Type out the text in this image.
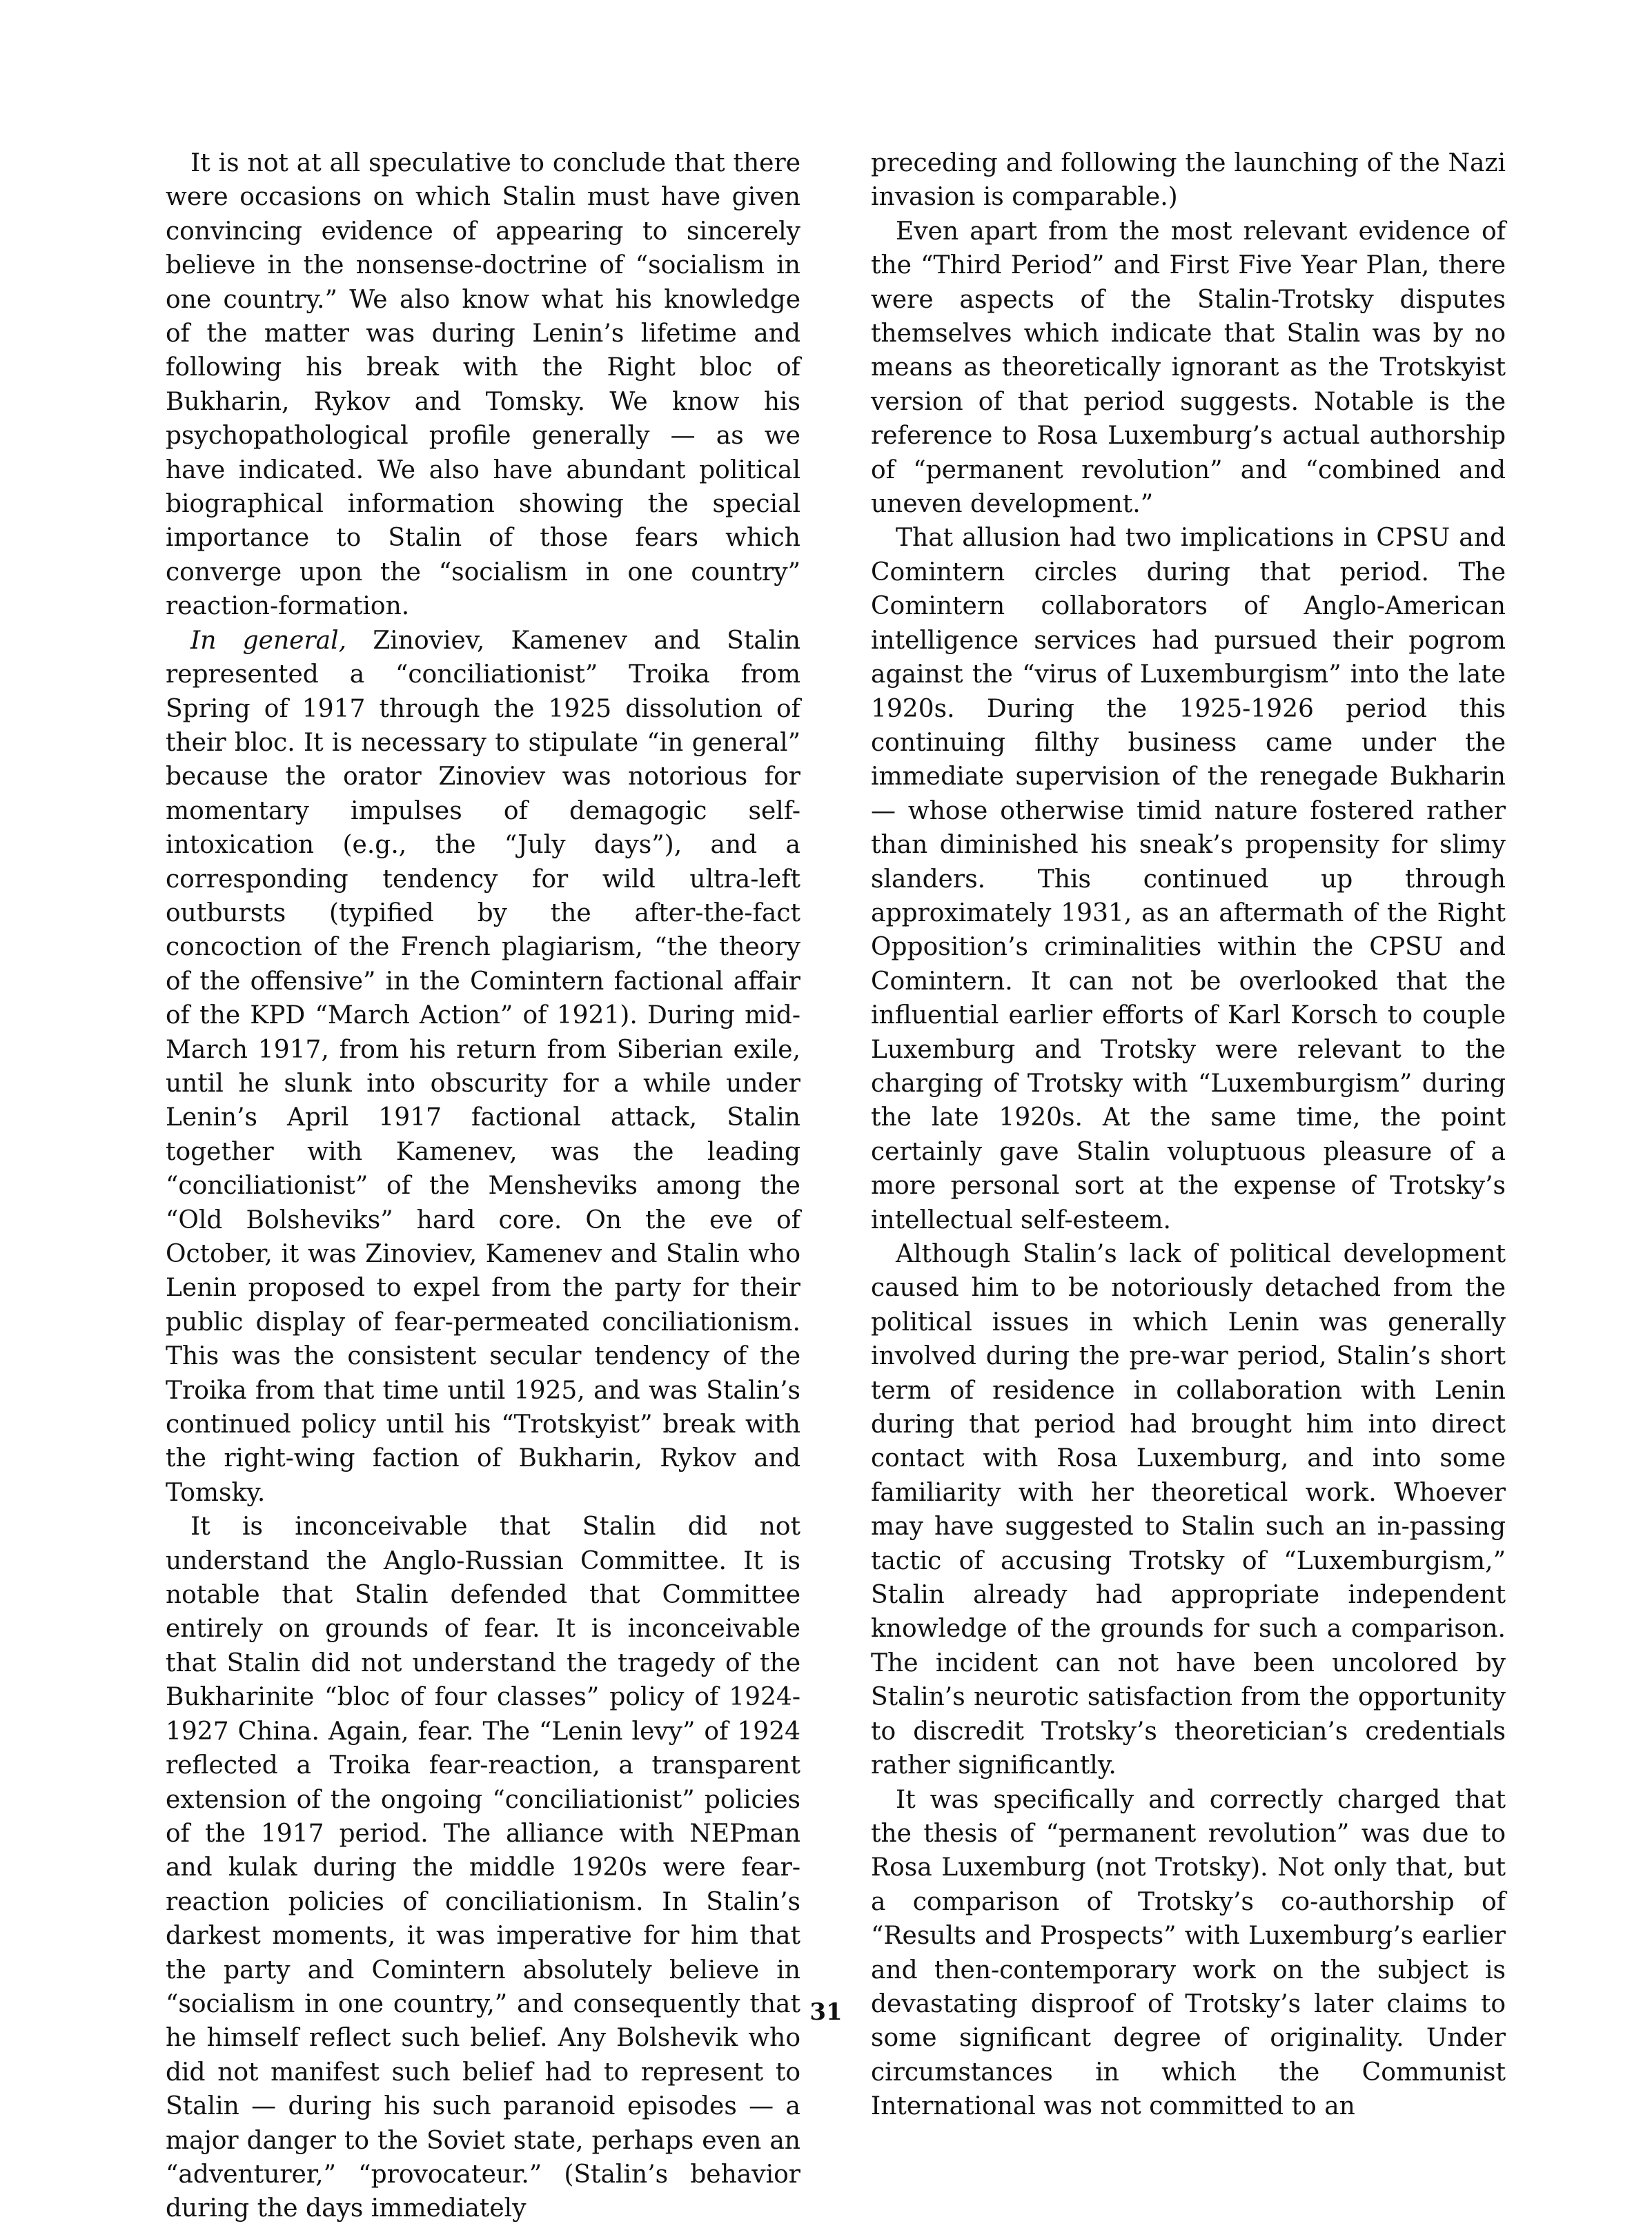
It is not at all speculative to conclude that there were occasions on which Stalin must have given convincing evidence of appearing to sincerely believe in the nonsense-doctrine of “socialism in one country.” We also know what his knowledge of the matter was during Lenin’s lifetime and following his break with the Right bloc of Bukharin, Rykov and Tomsky. We know his psychopathological profile generally — as we have indicated. We also have abundant political biographical information showing the special importance to Stalin of those fears which converge upon the “socialism in one country” reaction-formation.

In general, Zinoviev, Kamenev and Stalin represented a “conciliationist” Troika from Spring of 1917 through the 1925 dissolution of their bloc. It is necessary to stipulate “in general” because the orator Zinoviev was notorious for momentary impulses of demagogic self-intoxication (e.g., the “July days”), and a corresponding tendency for wild ultra-left outbursts (typified by the after-the-fact concoction of the French plagiarism, “the theory of the offensive” in the Comintern factional affair of the KPD “March Action” of 1921). During mid-March 1917, from his return from Siberian exile, until he slunk into obscurity for a while under Lenin’s April 1917 factional attack, Stalin together with Kamenev, was the leading “conciliationist” of the Mensheviks among the “Old Bolsheviks” hard core. On the eve of October, it was Zinoviev, Kamenev and Stalin who Lenin proposed to expel from the party for their public display of fear-permeated conciliationism. This was the consistent secular tendency of the Troika from that time until 1925, and was Stalin’s continued policy until his “Trotskyist” break with the right-wing faction of Bukharin, Rykov and Tomsky.

It is inconceivable that Stalin did not understand the Anglo-Russian Committee. It is notable that Stalin defended that Committee entirely on grounds of fear. It is inconceivable that Stalin did not understand the tragedy of the Bukharinite “bloc of four classes” policy of 1924-1927 China. Again, fear. The “Lenin levy” of 1924 reflected a Troika fear-reaction, a transparent extension of the ongoing “conciliationist” policies of the 1917 period. The alliance with NEPman and kulak during the middle 1920s were fear-reaction policies of conciliationism. In Stalin’s darkest moments, it was imperative for him that the party and Comintern absolutely believe in “socialism in one country,” and consequently that he himself reflect such belief. Any Bolshevik who did not manifest such belief had to represent to Stalin — during his such paranoid episodes — a major danger to the Soviet state, perhaps even an “adventurer,” “provocateur.” (Stalin’s behavior during the days immediately

preceding and following the launching of the Nazi invasion is comparable.)

Even apart from the most relevant evidence of the “Third Period” and First Five Year Plan, there were aspects of the Stalin-Trotsky disputes themselves which indicate that Stalin was by no means as theoretically ignorant as the Trotskyist version of that period suggests. Notable is the reference to Rosa Luxemburg’s actual authorship of “permanent revolution” and “combined and uneven development.”

That allusion had two implications in CPSU and Comintern circles during that period. The Comintern collaborators of Anglo-American intelligence services had pursued their pogrom against the “virus of Luxemburgism” into the late 1920s. During the 1925-1926 period this continuing filthy business came under the immediate supervision of the renegade Bukharin — whose otherwise timid nature fostered rather than diminished his sneak’s propensity for slimy slanders. This continued up through approximately 1931, as an aftermath of the Right Opposition’s criminalities within the CPSU and Comintern. It can not be overlooked that the influential earlier efforts of Karl Korsch to couple Luxemburg and Trotsky were relevant to the charging of Trotsky with “Luxemburgism” during the late 1920s. At the same time, the point certainly gave Stalin voluptuous pleasure of a more personal sort at the expense of Trotsky’s intellectual self-esteem.

Although Stalin’s lack of political development caused him to be notoriously detached from the political issues in which Lenin was generally involved during the pre-war period, Stalin’s short term of residence in collaboration with Lenin during that period had brought him into direct contact with Rosa Luxemburg, and into some familiarity with her theoretical work. Whoever may have suggested to Stalin such an in-passing tactic of accusing Trotsky of “Luxemburgism,” Stalin already had appropriate independent knowledge of the grounds for such a comparison. The incident can not have been uncolored by Stalin’s neurotic satisfaction from the opportunity to discredit Trotsky’s theoretician’s credentials rather significantly.

It was specifically and correctly charged that the thesis of “permanent revolution” was due to Rosa Luxemburg (not Trotsky). Not only that, but a comparison of Trotsky’s co-authorship of “Results and Prospects” with Luxemburg’s earlier and then-contemporary work on the subject is devastating disproof of Trotsky’s later claims to some significant degree of originality. Under circumstances in which the Communist International was not committed to an

31
